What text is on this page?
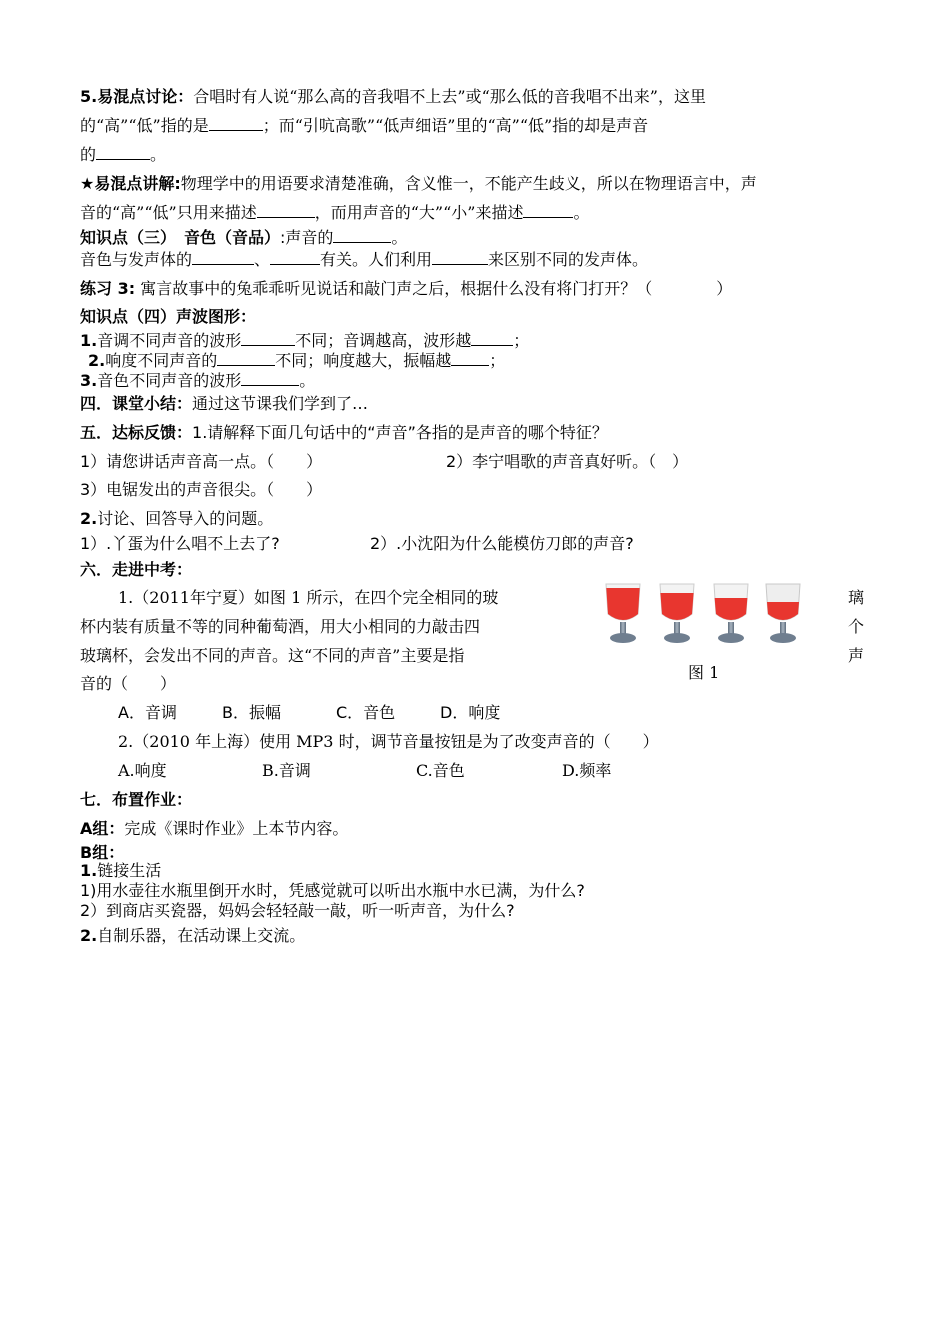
5.易混点讨论：合唱时有人说“那么高的音我唱不上去”或“那么低的音我唱不出来”，这里
的“高”“低”指的是	；而“引吭高歌”“低声细语”里的“高”“低”指的却是声音
的	。
★易混点讲解:物理学中的用语要求清楚准确，含义惟一，不能产生歧义，所以在物理语言中，声
音的“高”“低”只用来描述	，而用声音的“大”“小”来描述	。
知识点（三）　音色（音品）:声音的	。
音色与发声体的	、	有关。人们利用	来区别不同的发声体。
练习 3: 寓言故事中的兔乖乖听见说话和敲门声之后，根据什么没有将门打开？（　　　　）
知识点（四）声波图形：
1.音调不同声音的波形	不同；音调越高，波形越	；
2.响度不同声音的	不同；响度越大，振幅越 ；
3.音色不同声音的波形	。
四．课堂小结：通过这节课我们学到了…
五．达标反馈：1.请解释下面几句话中的“声音”各指的是声音的哪个特征？
1）请您讲话声音高一点。（　　）	2）李宁唱歌的声音真好听。（　）
3）电锯发出的声音很尖。（　　）
2.讨论、回答导入的问题。
1）.丫蛋为什么唱不上去了?	2）.小沈阳为什么能模仿刀郎的声音?
六．走进中考：
1.（2011年宁夏）如图 1 所示，在四个完全相同的玻
杯内装有质量不等的同种葡萄酒，用大小相同的力敲击四
玻璃杯，会发出不同的声音。这“不同的声音”主要是指
音的（　　）
璃
个
声
图 1
A．音调	B．振幅	C．音色	D．响度
2.（2010 年上海）使用 MP3 时，调节音量按钮是为了改变声音的（　　）
A.响度	B.音调	C.音色	D.频率
七．布置作业：
A组：完成《课时作业》上本节内容。
B组：
1.链接生活
1)用水壶往水瓶里倒开水时，凭感觉就可以听出水瓶中水已满，为什么?
2）到商店买瓷器，妈妈会轻轻敲一敲，听一听声音，为什么?
2.自制乐器，在活动课上交流。
